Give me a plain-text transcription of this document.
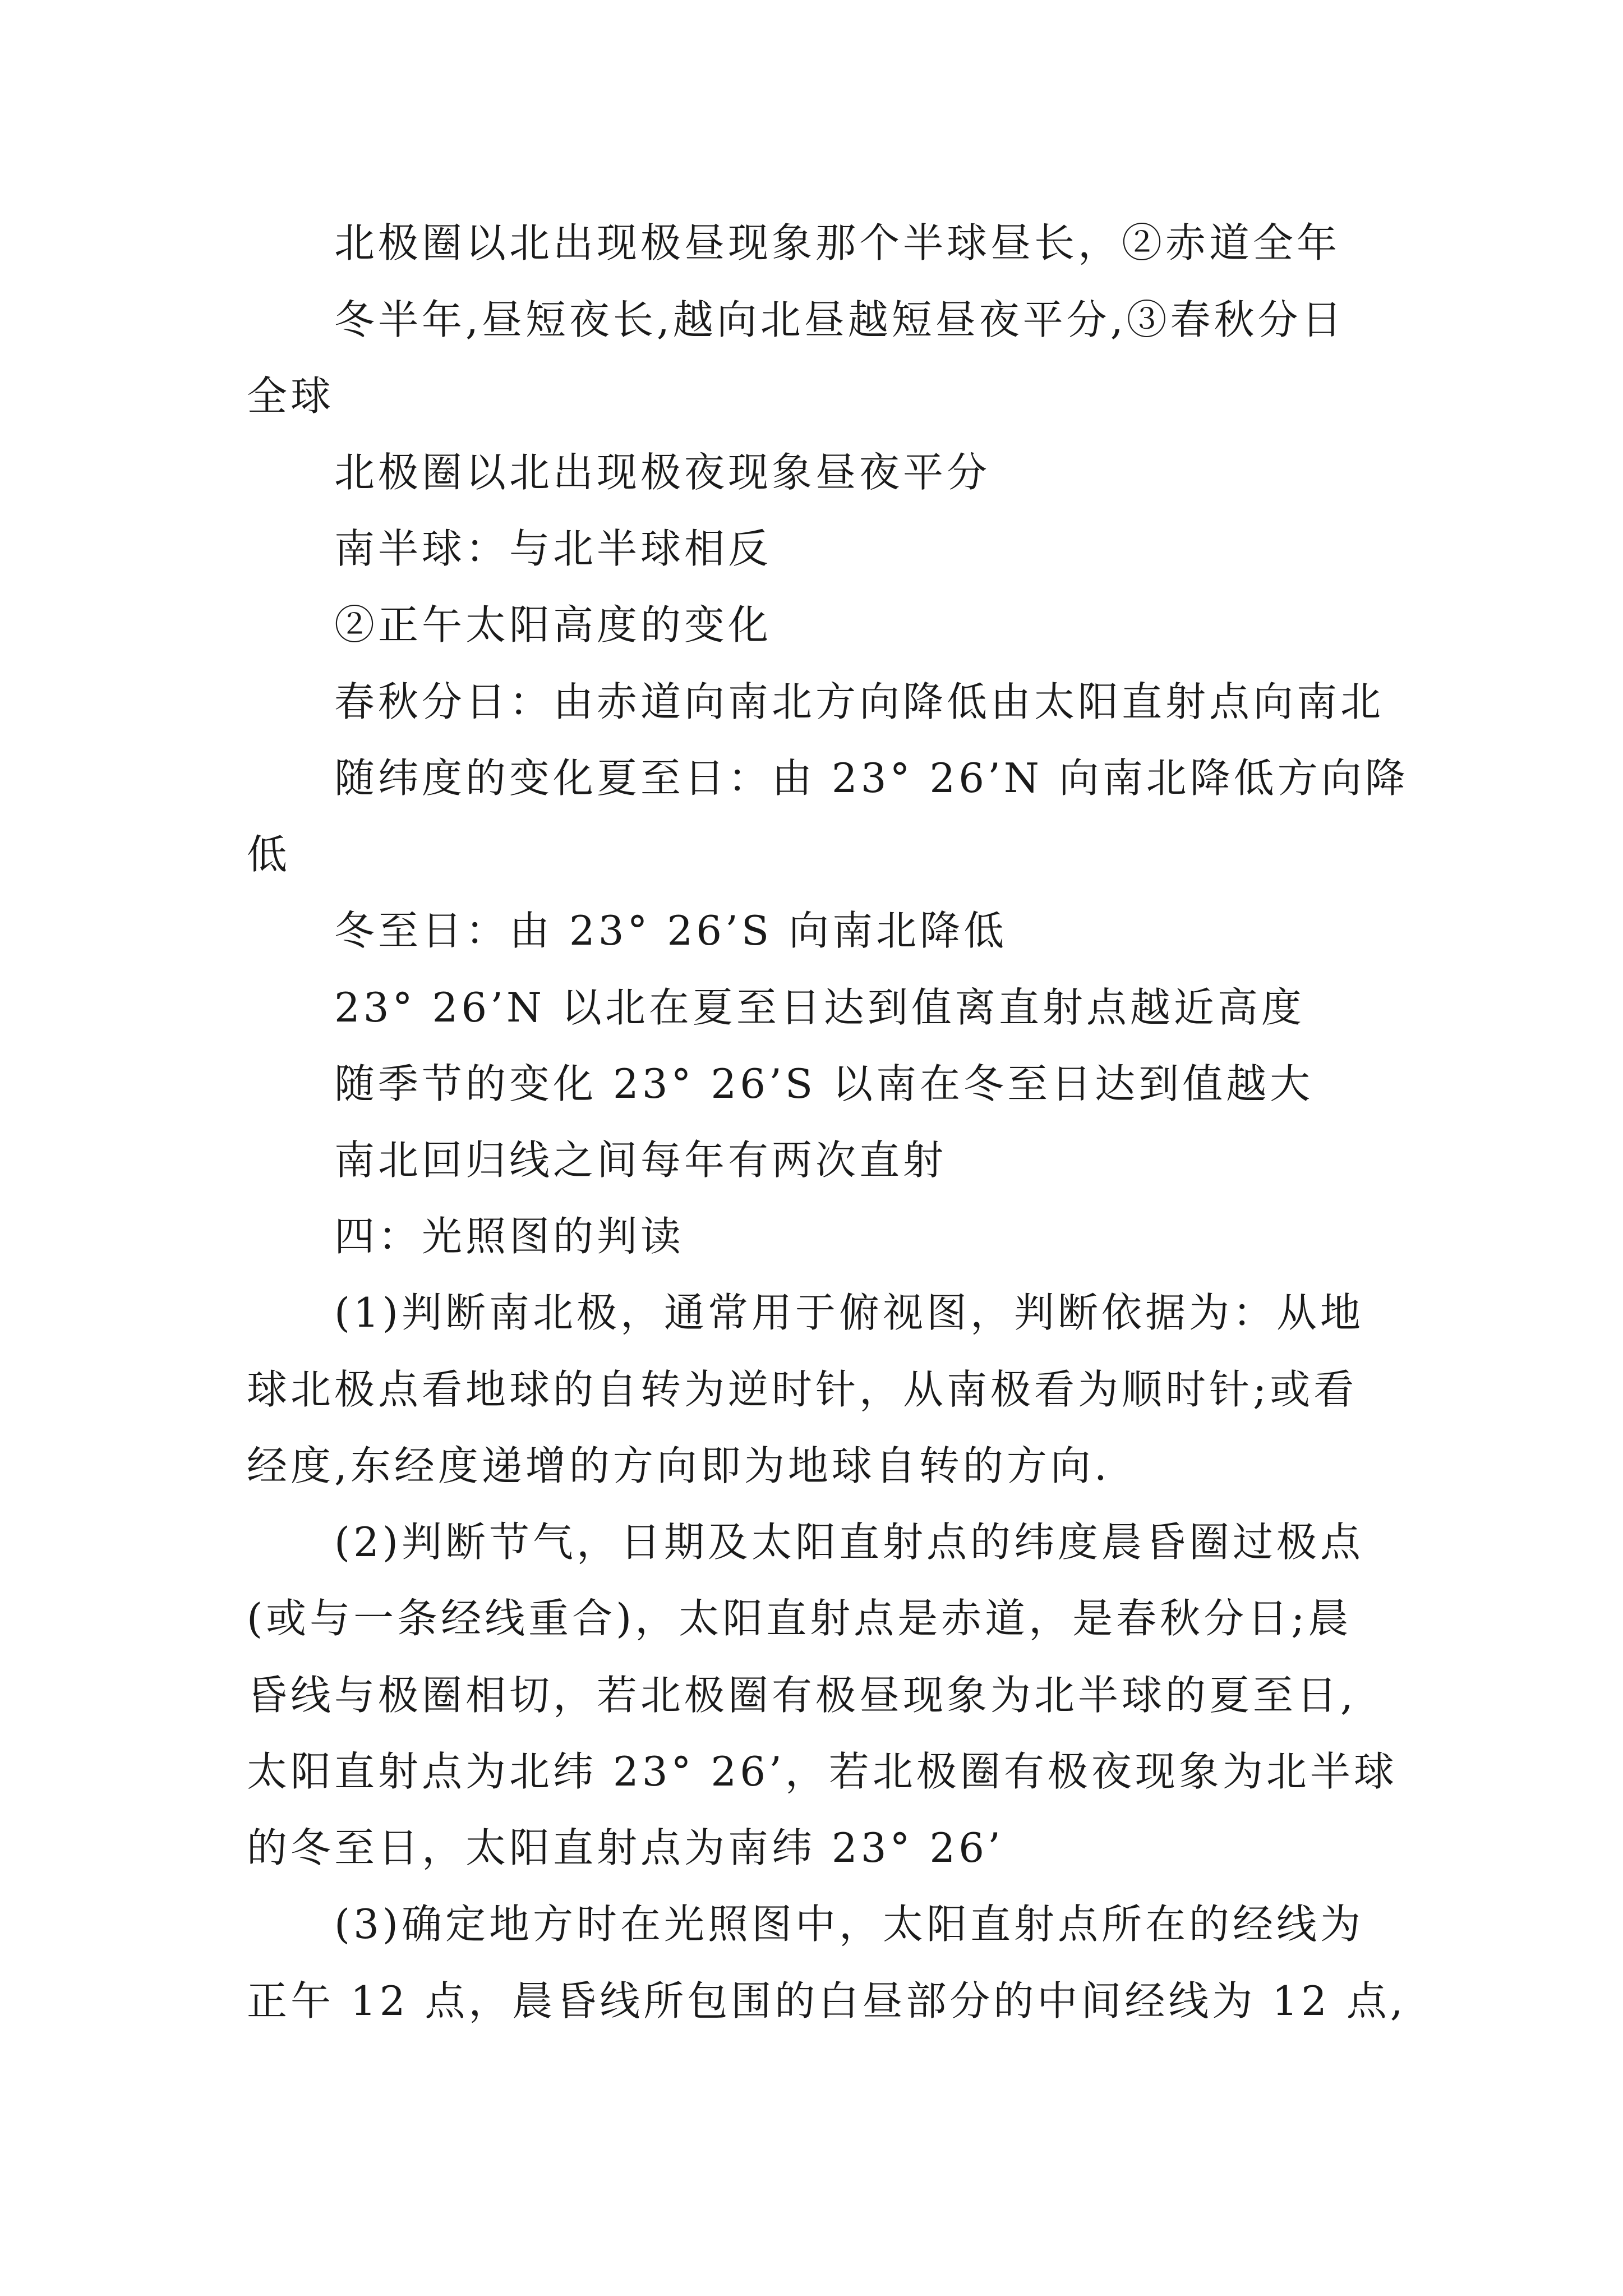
北极圈以北出现极昼现象那个半球昼长，②赤道全年
冬半年,昼短夜长,越向北昼越短昼夜平分,③春秋分日
全球
北极圈以北出现极夜现象昼夜平分
南半球：与北半球相反
②正午太阳高度的变化
春秋分日：由赤道向南北方向降低由太阳直射点向南北
随纬度的变化夏至日：由 23° 26’N 向南北降低方向降
低
冬至日：由 23° 26’S 向南北降低
23° 26’N 以北在夏至日达到值离直射点越近高度
随季节的变化 23° 26’S 以南在冬至日达到值越大
南北回归线之间每年有两次直射
四：光照图的判读
(1)判断南北极，通常用于俯视图，判断依据为：从地
球北极点看地球的自转为逆时针，从南极看为顺时针;或看
经度,东经度递增的方向即为地球自转的方向.
(2)判断节气，日期及太阳直射点的纬度晨昏圈过极点
(或与一条经线重合)，太阳直射点是赤道，是春秋分日;晨
昏线与极圈相切，若北极圈有极昼现象为北半球的夏至日,
太阳直射点为北纬 23° 26’，若北极圈有极夜现象为北半球
的冬至日，太阳直射点为南纬 23° 26’
(3)确定地方时在光照图中，太阳直射点所在的经线为
正午 12 点，晨昏线所包围的白昼部分的中间经线为 12 点,
